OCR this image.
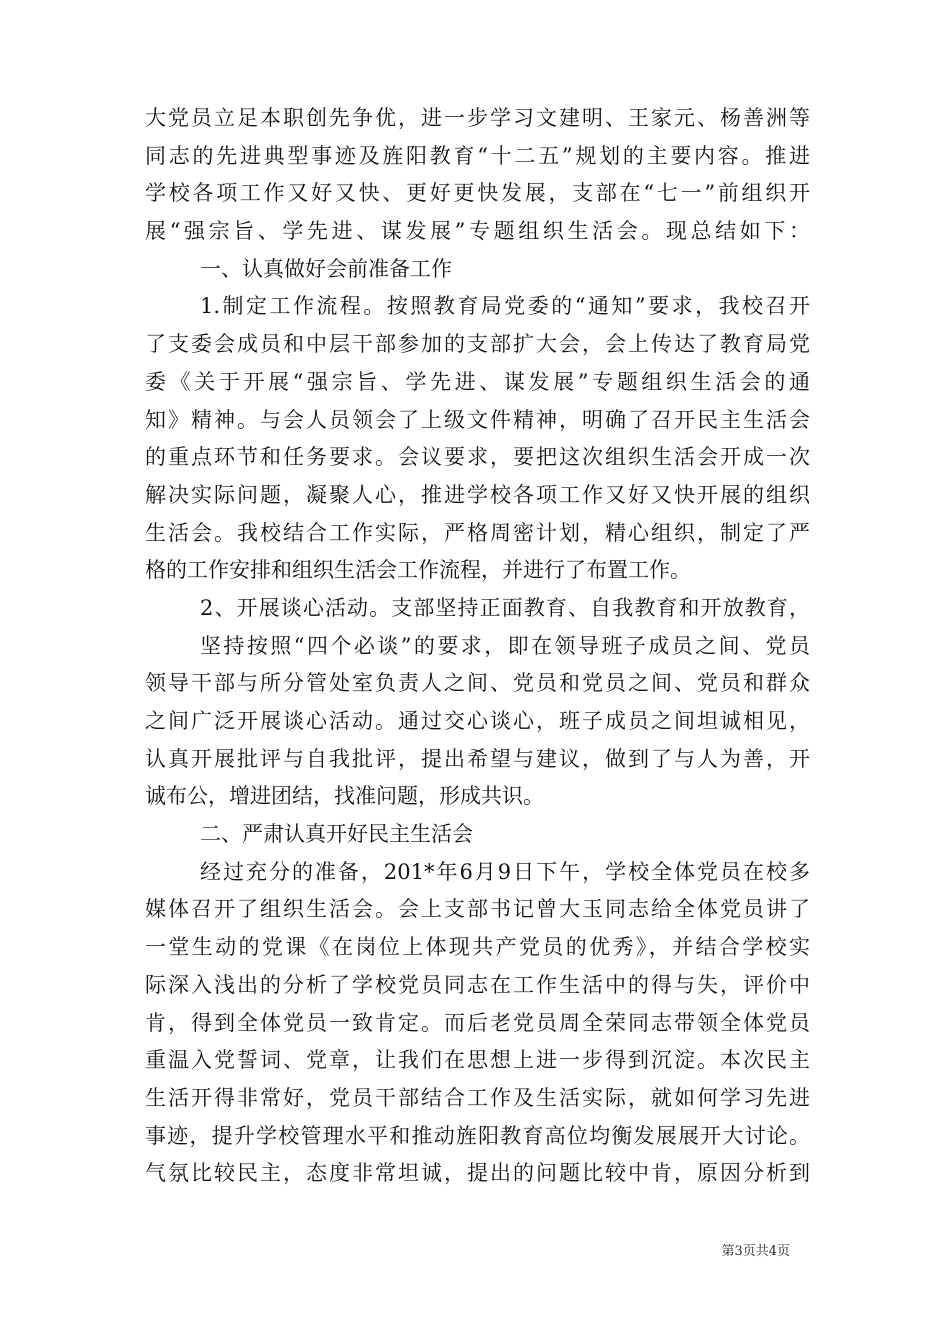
大党员立足本职创先争优，进一步学习文建明、王家元、杨善洲等
同志的先进典型事迹及旌阳教育“十二五”规划的主要内容。推进
学校各项工作又好又快、更好更快发展，支部在“七一”前组织开
展“强宗旨、学先进、谋发展”专题组织生活会。现总结如下：
一、认真做好会前准备工作
1.制定工作流程。按照教育局党委的“通知”要求，我校召开
了支委会成员和中层干部参加的支部扩大会，会上传达了教育局党
委《关于开展“强宗旨、学先进、谋发展”专题组织生活会的通
知》精神。与会人员领会了上级文件精神，明确了召开民主生活会
的重点环节和任务要求。会议要求，要把这次组织生活会开成一次
解决实际问题，凝聚人心，推进学校各项工作又好又快开展的组织
生活会。我校结合工作实际，严格周密计划，精心组织，制定了严
格的工作安排和组织生活会工作流程，并进行了布置工作。
2、开展谈心活动。支部坚持正面教育、自我教育和开放教育，
坚持按照“四个必谈”的要求，即在领导班子成员之间、党员
领导干部与所分管处室负责人之间、党员和党员之间、党员和群众
之间广泛开展谈心活动。通过交心谈心，班子成员之间坦诚相见，
认真开展批评与自我批评，提出希望与建议，做到了与人为善，开
诚布公，增进团结，找准问题，形成共识。
二、严肃认真开好民主生活会
经过充分的准备，201*年6月9日下午，学校全体党员在校多
媒体召开了组织生活会。会上支部书记曾大玉同志给全体党员讲了
一堂生动的党课《在岗位上体现共产党员的优秀》，并结合学校实
际深入浅出的分析了学校党员同志在工作生活中的得与失，评价中
肯，得到全体党员一致肯定。而后老党员周全荣同志带领全体党员
重温入党誓词、党章，让我们在思想上进一步得到沉淀。本次民主
生活开得非常好，党员干部结合工作及生活实际，就如何学习先进
事迹，提升学校管理水平和推动旌阳教育高位均衡发展展开大讨论。
气氛比较民主，态度非常坦诚，提出的问题比较中肯，原因分析到
第3页共4页
